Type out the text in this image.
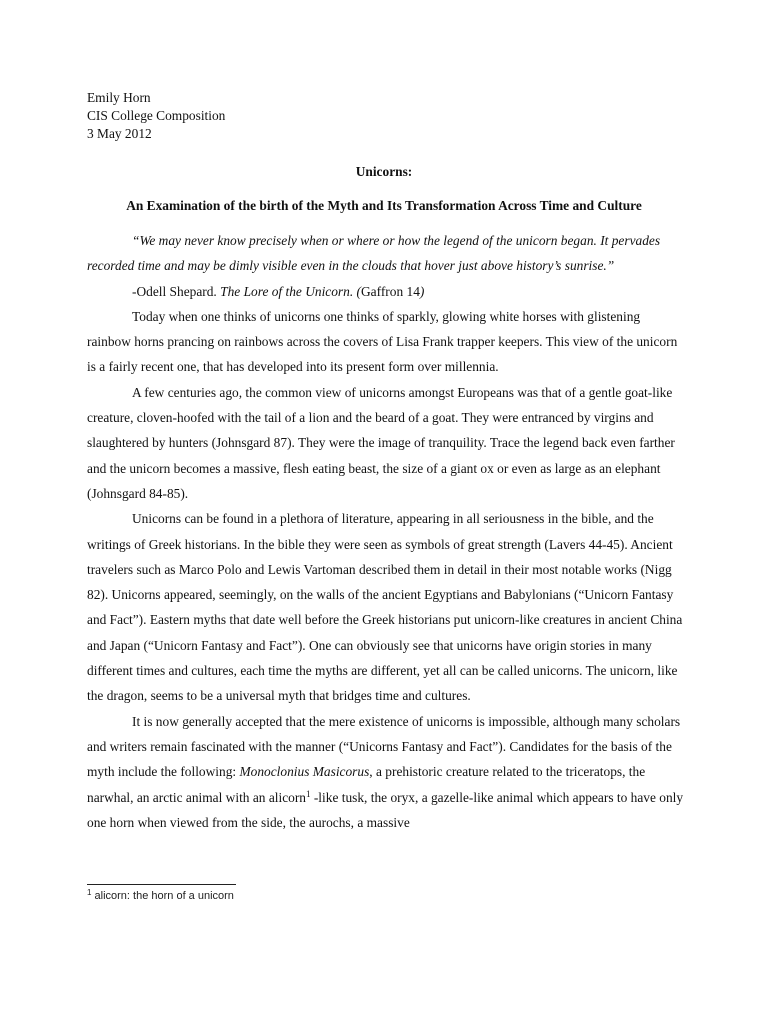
Emily Horn
CIS College Composition
3 May 2012
Unicorns:
An Examination of the birth of the Myth and Its Transformation Across Time and Culture

“We may never know precisely when or where or how the legend of the unicorn began. It pervades recorded time and may be dimly visible even in the clouds that hover just above history’s sunrise.”

-Odell Shepard. The Lore of the Unicorn. (Gaffron 14)

Today when one thinks of unicorns one thinks of sparkly, glowing white horses with glistening rainbow horns prancing on rainbows across the covers of Lisa Frank trapper keepers. This view of the unicorn is a fairly recent one, that has developed into its present form over millennia.

A few centuries ago, the common view of unicorns amongst Europeans was that of a gentle goat-like creature, cloven-hoofed with the tail of a lion and the beard of a goat. They were entranced by virgins and slaughtered by hunters (Johnsgard 87). They were the image of tranquility. Trace the legend back even farther and the unicorn becomes a massive, flesh eating beast, the size of a giant ox or even as large as an elephant (Johnsgard 84-85).

Unicorns can be found in a plethora of literature, appearing in all seriousness in the bible, and the writings of Greek historians. In the bible they were seen as symbols of great strength (Lavers 44-45). Ancient travelers such as Marco Polo and Lewis Vartoman described them in detail in their most notable works (Nigg 82). Unicorns appeared, seemingly, on the walls of the ancient Egyptians and Babylonians (“Unicorn Fantasy and Fact”). Eastern myths that date well before the Greek historians put unicorn-like creatures in ancient China and Japan (“Unicorn Fantasy and Fact”). One can obviously see that unicorns have origin stories in many different times and cultures, each time the myths are different, yet all can be called unicorns. The unicorn, like the dragon, seems to be a universal myth that bridges time and cultures.

It is now generally accepted that the mere existence of unicorns is impossible, although many scholars and writers remain fascinated with the manner (“Unicorns Fantasy and Fact”). Candidates for the basis of the myth include the following: Monoclonius Masicorus, a prehistoric creature related to the triceratops, the narwhal, an arctic animal with an alicorn$^1$ -like tusk, the oryx, a gazelle-like animal which appears to have only one horn when viewed from the side, the aurochs, a massive

$^1$ alicorn: the horn of a unicorn
